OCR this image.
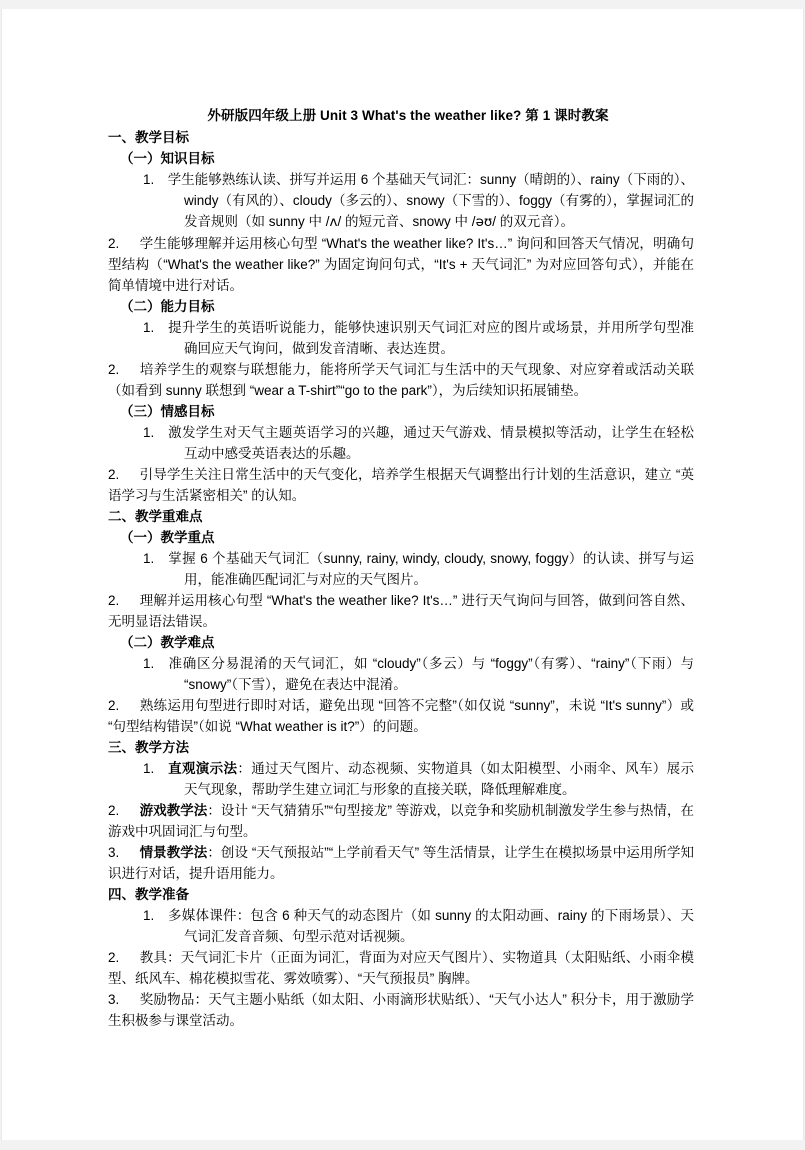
外研版四年级上册 Unit 3 What's the weather like? 第 1 课时教案
一、教学目标
（一）知识目标
1. 学生能够熟练认读、拼写并运用 6 个基础天气词汇：sunny（晴朗的）、rainy（下雨的）、windy（有风的）、cloudy（多云的）、snowy（下雪的）、foggy（有雾的），掌握词汇的发音规则（如 sunny 中 /ʌ/ 的短元音、snowy 中 /əʊ/ 的双元音）。
2.  学生能够理解并运用核心句型 “What's the weather like? It's…” 询问和回答天气情况，明确句型结构（“What's the weather like?” 为固定询问句式，“It's + 天气词汇” 为对应回答句式），并能在简单情境中进行对话。
（二）能力目标
1. 提升学生的英语听说能力，能够快速识别天气词汇对应的图片或场景，并用所学句型准确回应天气询问，做到发音清晰、表达连贯。
2.  培养学生的观察与联想能力，能将所学天气词汇与生活中的天气现象、对应穿着或活动关联（如看到 sunny 联想到 “wear a T-shirt”“go to the park”），为后续知识拓展铺垫。
（三）情感目标
1. 激发学生对天气主题英语学习的兴趣，通过天气游戏、情景模拟等活动，让学生在轻松互动中感受英语表达的乐趣。
2.  引导学生关注日常生活中的天气变化，培养学生根据天气调整出行计划的生活意识，建立 “英语学习与生活紧密相关” 的认知。
二、教学重难点
（一）教学重点
1. 掌握 6 个基础天气词汇（sunny, rainy, windy, cloudy, snowy, foggy）的认读、拼写与运用，能准确匹配词汇与对应的天气图片。
2.  理解并运用核心句型 “What's the weather like? It's…” 进行天气询问与回答，做到问答自然、无明显语法错误。
（二）教学难点
1. 准确区分易混淆的天气词汇，如 “cloudy”（多云）与 “foggy”（有雾）、“rainy”（下雨）与 “snowy”（下雪），避免在表达中混淆。
2.  熟练运用句型进行即时对话，避免出现 “回答不完整”（如仅说 “sunny”，未说 “It's sunny”）或 “句型结构错误”（如说 “What weather is it?”）的问题。
三、教学方法
1. 直观演示法：通过天气图片、动态视频、实物道具（如太阳模型、小雨伞、风车）展示天气现象，帮助学生建立词汇与形象的直接关联，降低理解难度。
2.  游戏教学法：设计 “天气猜猜乐”“句型接龙” 等游戏，以竞争和奖励机制激发学生参与热情，在游戏中巩固词汇与句型。
3.  情景教学法：创设 “天气预报站”“上学前看天气” 等生活情景，让学生在模拟场景中运用所学知识进行对话，提升语用能力。
四、教学准备
1. 多媒体课件：包含 6 种天气的动态图片（如 sunny 的太阳动画、rainy 的下雨场景）、天气词汇发音音频、句型示范对话视频。
2.  教具：天气词汇卡片（正面为词汇，背面为对应天气图片）、实物道具（太阳贴纸、小雨伞模型、纸风车、棉花模拟雪花、雾效喷雾）、“天气预报员” 胸牌。
3.  奖励物品：天气主题小贴纸（如太阳、小雨滴形状贴纸）、“天气小达人” 积分卡，用于激励学生积极参与课堂活动。
